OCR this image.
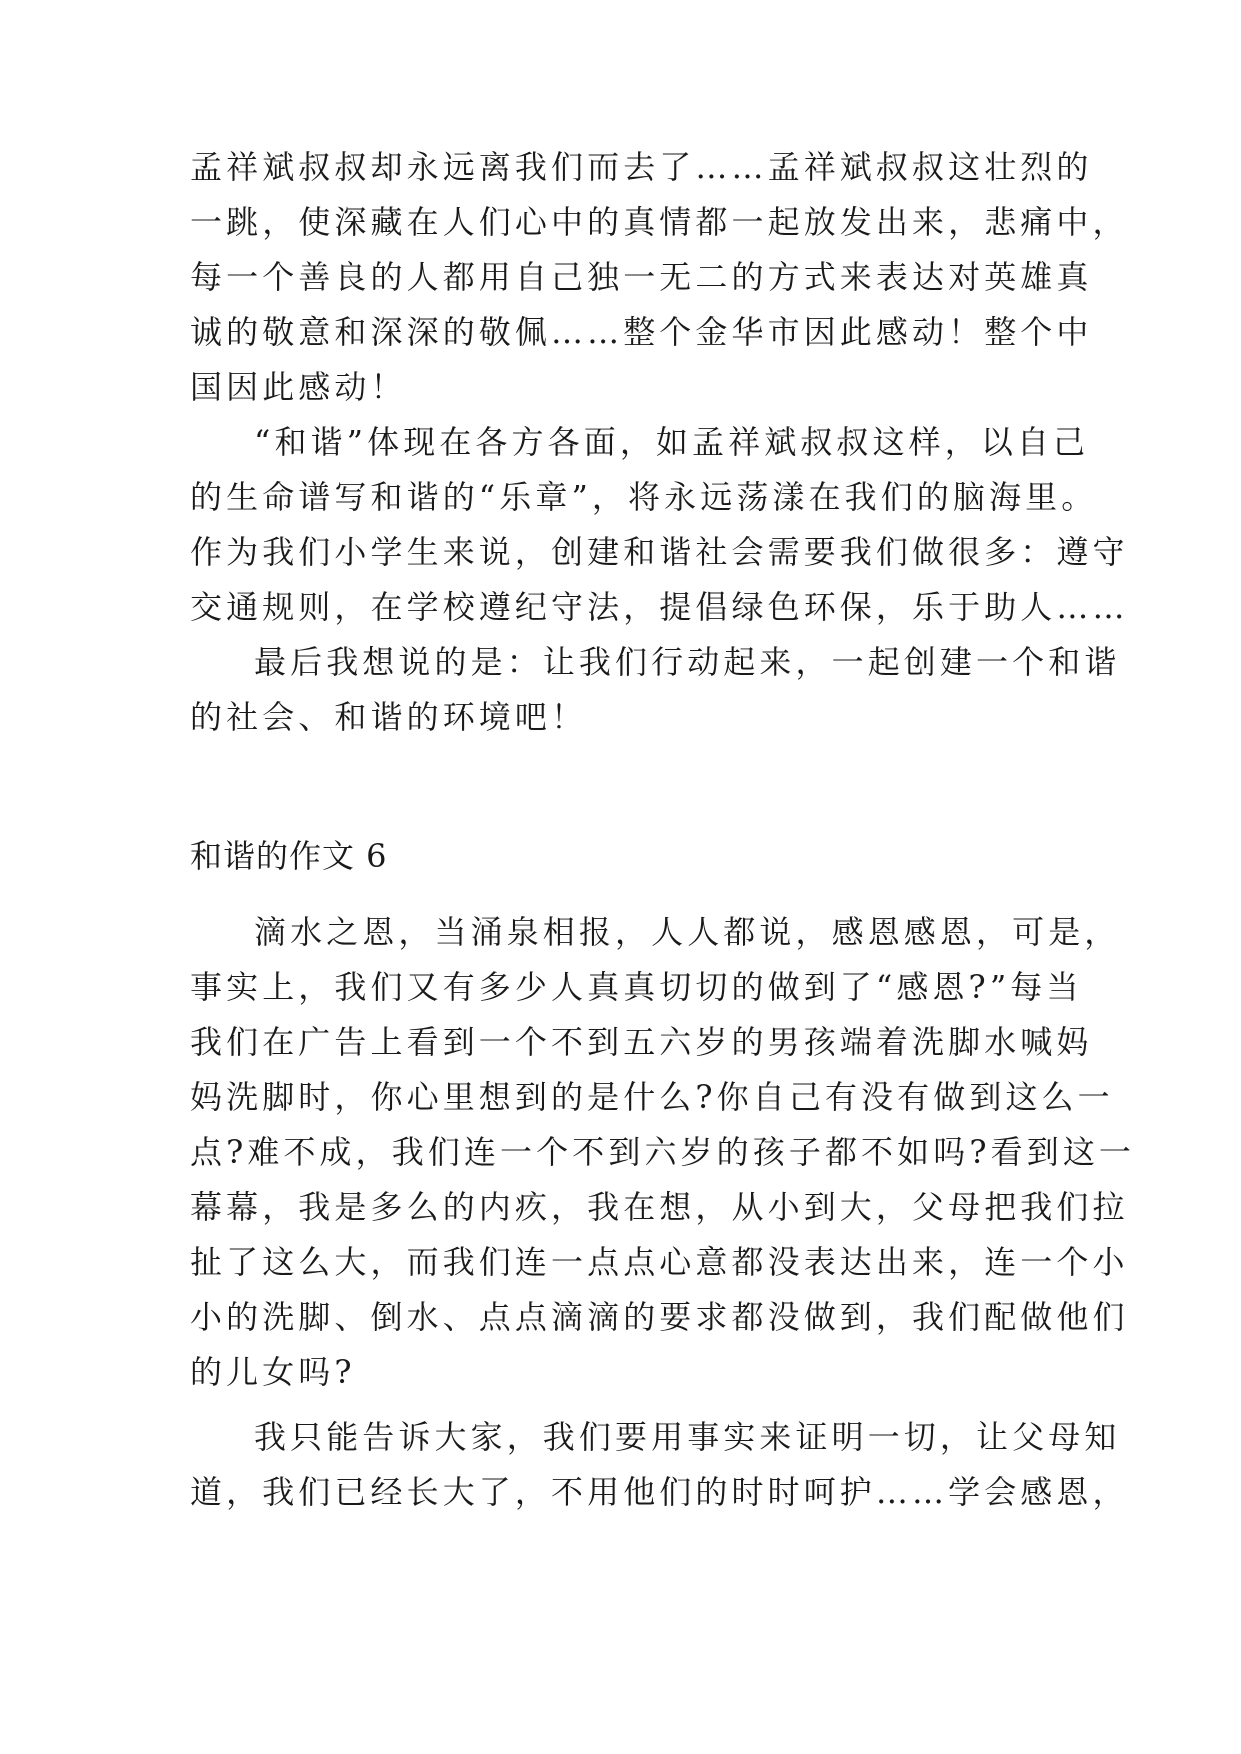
孟祥斌叔叔却永远离我们而去了……孟祥斌叔叔这壮烈的
一跳，使深藏在人们心中的真情都一起放发出来，悲痛中，
每一个善良的人都用自己独一无二的方式来表达对英雄真
诚的敬意和深深的敬佩……整个金华市因此感动！整个中
国因此感动！
“和谐”体现在各方各面，如孟祥斌叔叔这样，以自己
的生命谱写和谐的“乐章”，将永远荡漾在我们的脑海里。
作为我们小学生来说，创建和谐社会需要我们做很多：遵守
交通规则，在学校遵纪守法，提倡绿色环保，乐于助人……
最后我想说的是：让我们行动起来，一起创建一个和谐
的社会、和谐的环境吧！
和谐的作文 6
滴水之恩，当涌泉相报，人人都说，感恩感恩，可是，
事实上，我们又有多少人真真切切的做到了“感恩?”每当
我们在广告上看到一个不到五六岁的男孩端着洗脚水喊妈
妈洗脚时，你心里想到的是什么?你自己有没有做到这么一
点?难不成，我们连一个不到六岁的孩子都不如吗?看到这一
幕幕，我是多么的内疚，我在想，从小到大，父母把我们拉
扯了这么大，而我们连一点点心意都没表达出来，连一个小
小的洗脚、倒水、点点滴滴的要求都没做到，我们配做他们
的儿女吗?
我只能告诉大家，我们要用事实来证明一切，让父母知
道，我们已经长大了，不用他们的时时呵护……学会感恩，
